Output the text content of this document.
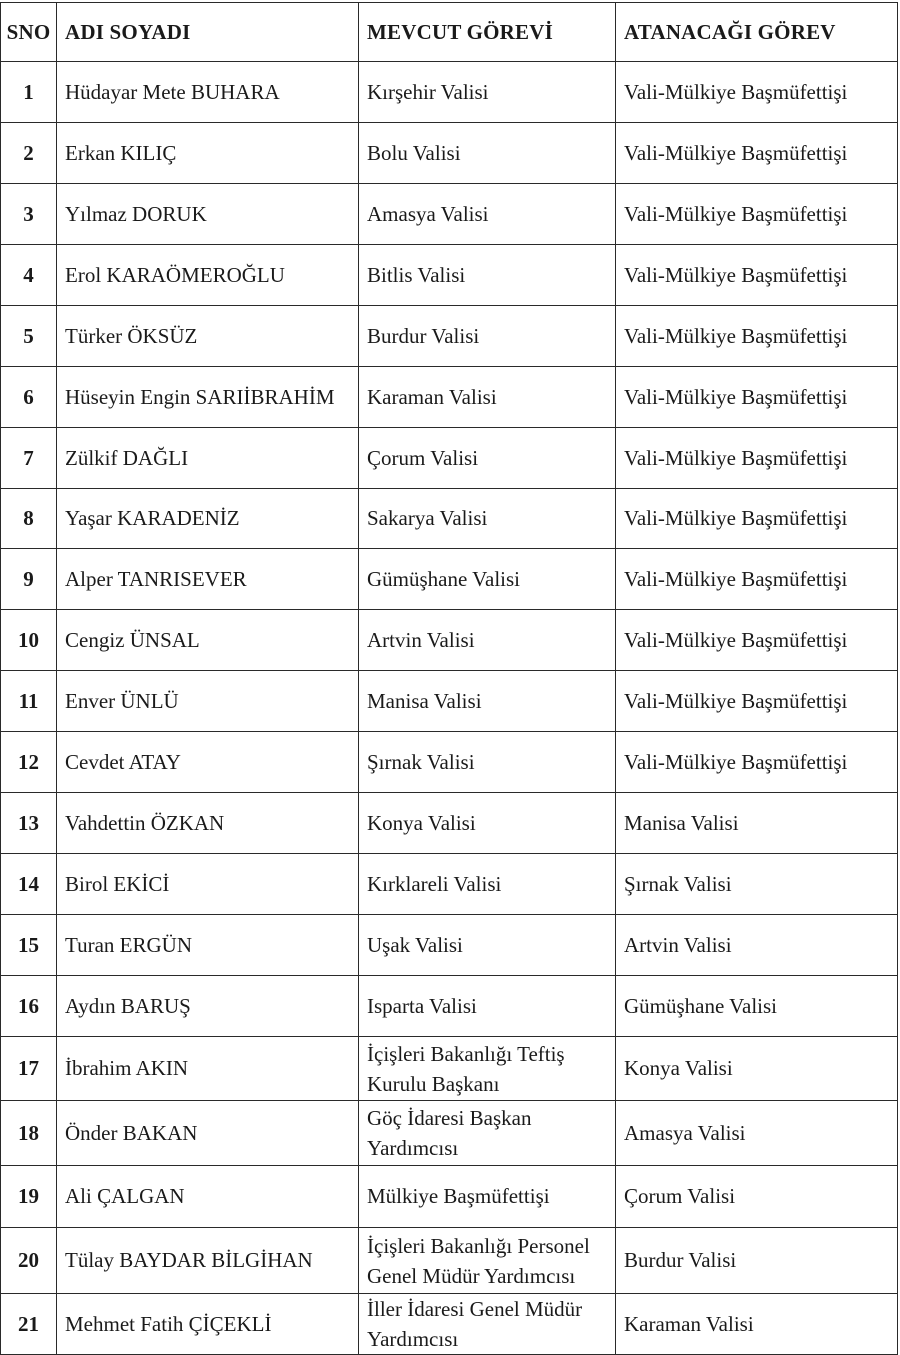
SNO	ADI SOYADI	MEVCUT GÖREVİ	ATANACAĞI GÖREV
1	Hüdayar Mete BUHARA	Kırşehir Valisi	Vali-Mülkiye Başmüfettişi
2	Erkan KILIÇ	Bolu Valisi	Vali-Mülkiye Başmüfettişi
3	Yılmaz DORUK	Amasya Valisi	Vali-Mülkiye Başmüfettişi
4	Erol KARAÖMEROĞLU	Bitlis Valisi	Vali-Mülkiye Başmüfettişi
5	Türker ÖKSÜZ	Burdur Valisi	Vali-Mülkiye Başmüfettişi
6	Hüseyin Engin SARIİBRAHİM	Karaman Valisi	Vali-Mülkiye Başmüfettişi
7	Zülkif DAĞLI	Çorum Valisi	Vali-Mülkiye Başmüfettişi
8	Yaşar KARADENİZ	Sakarya Valisi	Vali-Mülkiye Başmüfettişi
9	Alper TANRISEVER	Gümüşhane Valisi	Vali-Mülkiye Başmüfettişi
10	Cengiz ÜNSAL	Artvin Valisi	Vali-Mülkiye Başmüfettişi
11	Enver ÜNLÜ	Manisa Valisi	Vali-Mülkiye Başmüfettişi
12	Cevdet ATAY	Şırnak Valisi	Vali-Mülkiye Başmüfettişi
13	Vahdettin ÖZKAN	Konya Valisi	Manisa Valisi
14	Birol EKİCİ	Kırklareli Valisi	Şırnak Valisi
15	Turan ERGÜN	Uşak Valisi	Artvin Valisi
16	Aydın BARUŞ	Isparta Valisi	Gümüşhane Valisi
17	İbrahim AKIN	İçişleri Bakanlığı Teftiş Kurulu Başkanı	Konya Valisi
18	Önder BAKAN	Göç İdaresi Başkan Yardımcısı	Amasya Valisi
19	Ali ÇALGAN	Mülkiye Başmüfettişi	Çorum Valisi
20	Tülay BAYDAR BİLGİHAN	İçişleri Bakanlığı Personel Genel Müdür Yardımcısı	Burdur Valisi
21	Mehmet Fatih ÇİÇEKLİ	İller İdaresi Genel Müdür Yardımcısı	Karaman Valisi
